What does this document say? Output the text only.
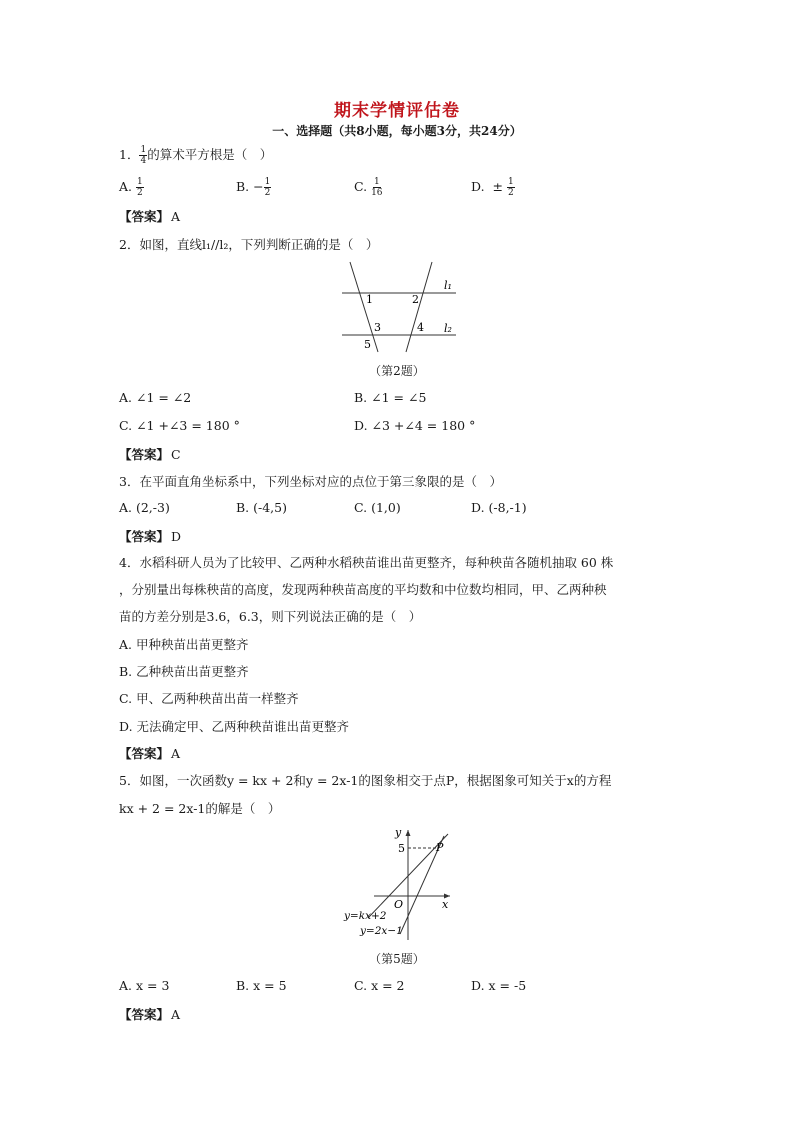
期末学情评估卷
一、选择题（共8小题，每小题3分，共24分）
1． $\frac{1}{4}$ 的算术平方根是（　）
A. $\frac{1}{2}$	B. − $\frac{1}{2}$	C. $\frac{1}{16}$	D. ± $\frac{1}{2}$
【答案】 A
2．如图，直线l₁//l₂，下列判断正确的是（　）
l₁
l₂
1	2
3	4
5
（第2题）
A. ∠1 = ∠2	B. ∠1 = ∠5
C. ∠1 +∠3 = 180 °	D. ∠3 +∠4 = 180 °
【答案】 C
3．在平面直角坐标系中，下列坐标对应的点位于第三象限的是（　）
A. (2,-3)	B. (-4,5)	C. (1,0)	D. (-8,-1)
【答案】 D
4．水稻科研人员为了比较甲、乙两种水稻秧苗谁出苗更整齐，每种秧苗各随机抽取 60 株
，分别量出每株秧苗的高度，发现两种秧苗高度的平均数和中位数均相同，甲、乙两种秧
苗的方差分别是3.6，6.3，则下列说法正确的是（　）
A. 甲种秧苗出苗更整齐
B. 乙种秧苗出苗更整齐
C. 甲、乙两种秧苗出苗一样整齐
D. 无法确定甲、乙两种秧苗谁出苗更整齐
【答案】 A
5．如图，一次函数y = kx + 2和y = 2x-1的图象相交于点P，根据图象可知关于x的方程
kx + 2 = 2x-1的解是（　）
y
x
5	P
O
y=kx+2
y=2x−1
（第5题）
A. x = 3	B. x = 5	C. x = 2	D. x = -5
【答案】 A
